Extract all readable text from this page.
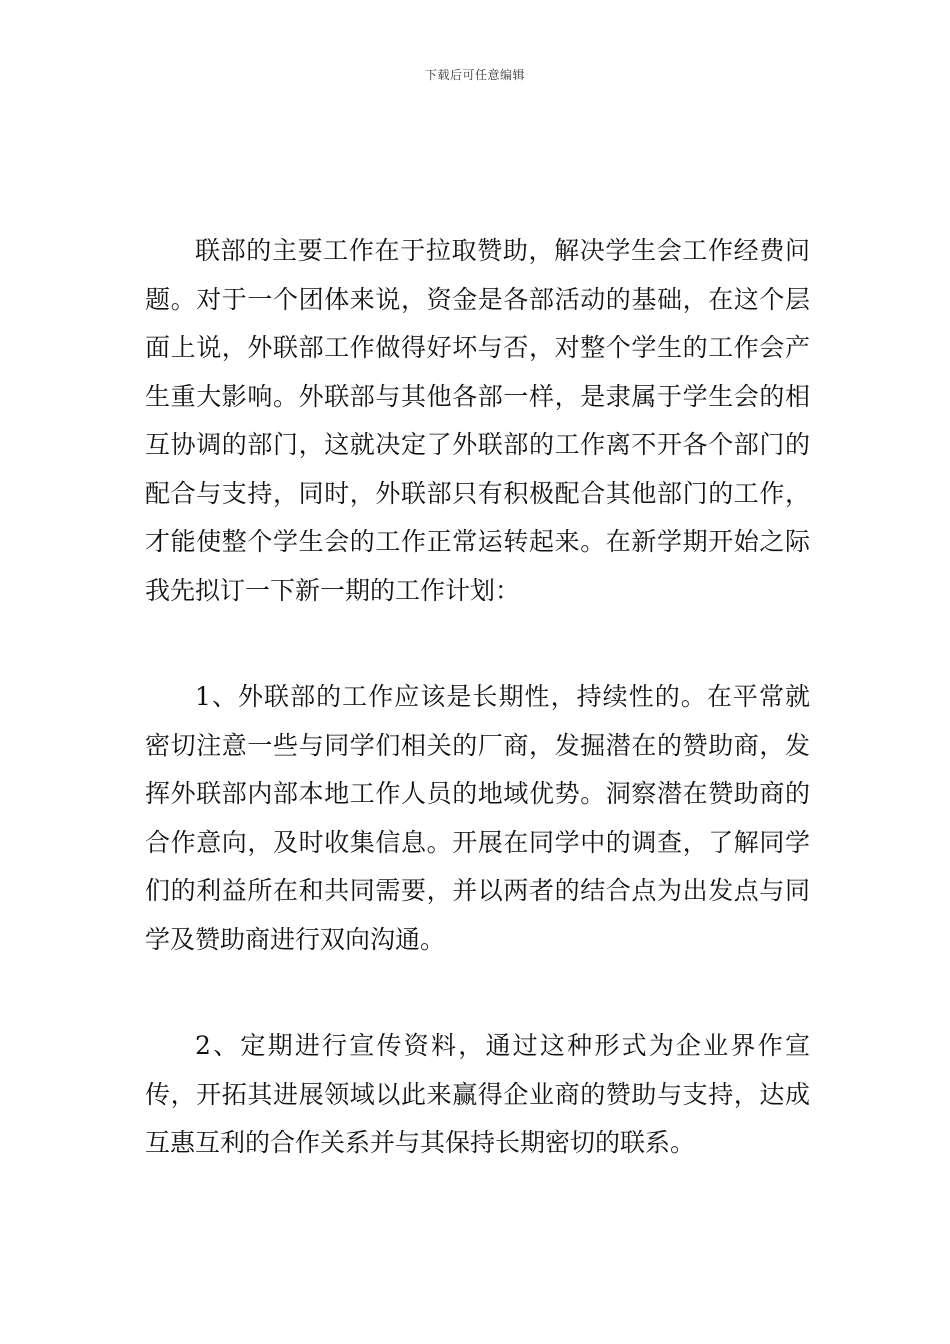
下载后可任意编辑

联部的主要工作在于拉取赞助，解决学生会工作经费问题。对于一个团体来说，资金是各部活动的基础，在这个层面上说，外联部工作做得好坏与否，对整个学生的工作会产生重大影响。外联部与其他各部一样，是隶属于学生会的相互协调的部门，这就决定了外联部的工作离不开各个部门的配合与支持，同时，外联部只有积极配合其他部门的工作，才能使整个学生会的工作正常运转起来。在新学期开始之际我先拟订一下新一期的工作计划：

1、外联部的工作应该是长期性，持续性的。在平常就密切注意一些与同学们相关的厂商，发掘潜在的赞助商，发挥外联部内部本地工作人员的地域优势。洞察潜在赞助商的合作意向，及时收集信息。开展在同学中的调查，了解同学们的利益所在和共同需要，并以两者的结合点为出发点与同学及赞助商进行双向沟通。

2、定期进行宣传资料，通过这种形式为企业界作宣传，开拓其进展领域以此来赢得企业商的赞助与支持，达成互惠互利的合作关系并与其保持长期密切的联系。
